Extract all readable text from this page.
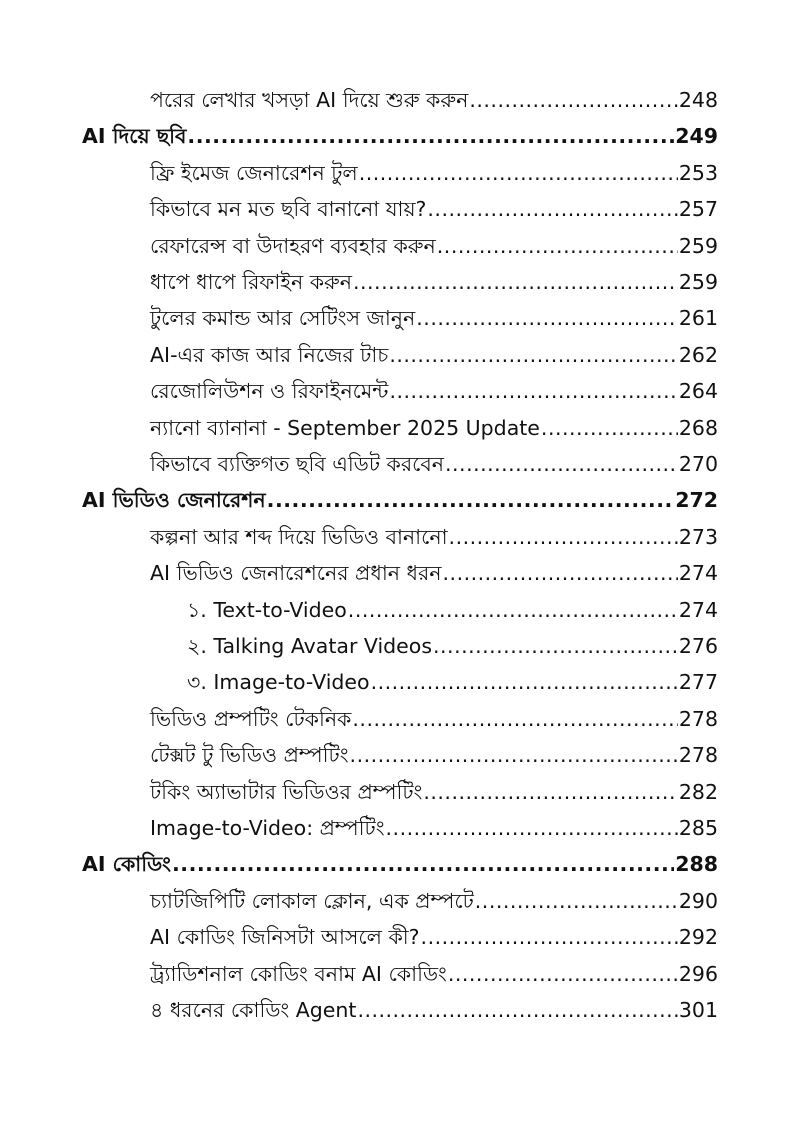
পরের লেখার খসড়া AI দিয়ে শুরু করুন .....	248
AI দিয়ে ছবি .....	249
ফ্রি ইমেজ জেনারেশন টুল .....	253
কিভাবে মন মত ছবি বানানো যায়? .....	257
রেফারেন্স বা উদাহরণ ব্যবহার করুন .....	259
ধাপে ধাপে রিফাইন করুন .....	259
টুলের কমান্ড আর সেটিংস জানুন .....	261
AI-এর কাজ আর নিজের টাচ .....	262
রেজোলিউশন ও রিফাইনমেন্ট .....	264
ন্যানো ব্যানানা - September 2025 Update .....	268
কিভাবে ব্যক্তিগত ছবি এডিট করবেন .....	270
AI ভিডিও জেনারেশন .....	272
কল্পনা আর শব্দ দিয়ে ভিডিও বানানো .....	273
AI ভিডিও জেনারেশনের প্রধান ধরন .....	274
১. Text-to-Video .....	274
২. Talking Avatar Videos .....	276
৩. Image-to-Video .....	277
ভিডিও প্রম্পটিং টেকনিক .....	278
টেক্সট টু ভিডিও প্রম্পটিং .....	278
টকিং অ্যাভাটার ভিডিওর প্রম্পটিং .....	282
Image-to-Video: প্রম্পটিং .....	285
AI কোডিং .....	288
চ্যাটজিপিটি লোকাল ক্লোন, এক প্রম্পটে .....	290
AI কোডিং জিনিসটা আসলে কী? .....	292
ট্র্যাডিশনাল কোডিং বনাম AI কোডিং .....	296
৪ ধরনের কোডিং Agent .....	301
